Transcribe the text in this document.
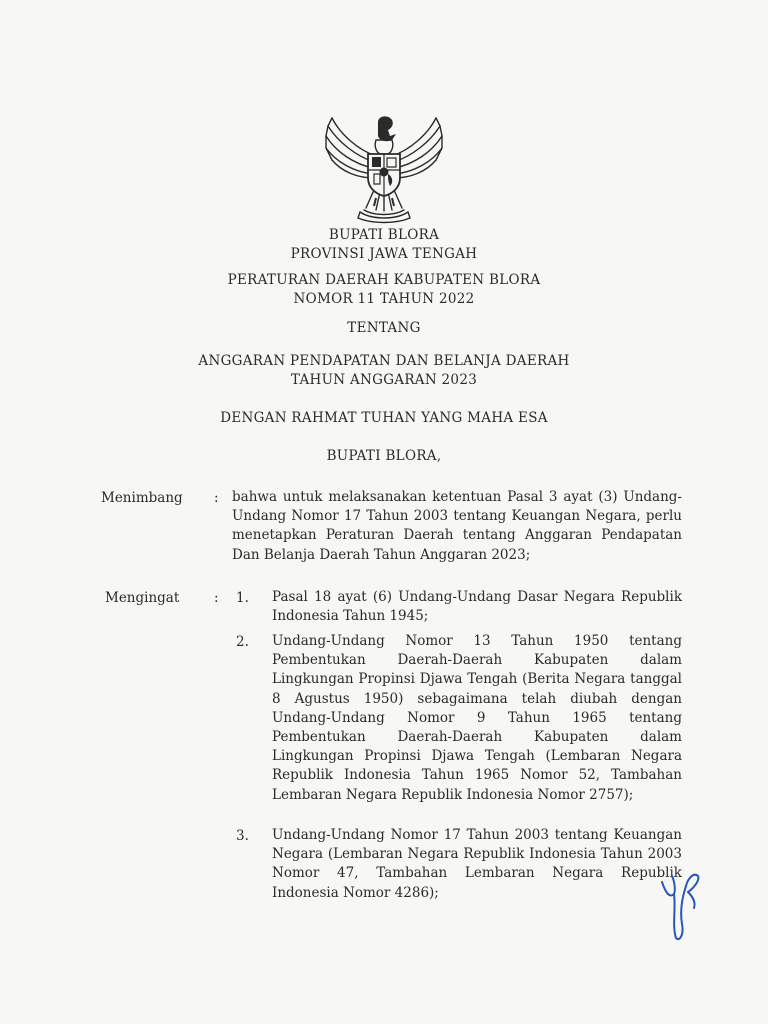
BUPATI BLORA
PROVINSI JAWA TENGAH
PERATURAN DAERAH KABUPATEN BLORA
NOMOR 11 TAHUN 2022
TENTANG
ANGGARAN PENDAPATAN DAN BELANJA DAERAH
TAHUN ANGGARAN 2023
DENGAN RAHMAT TUHAN YANG MAHA ESA
BUPATI BLORA,
Menimbang : bahwa untuk melaksanakan ketentuan Pasal 3 ayat (3) Undang-Undang Nomor 17 Tahun 2003 tentang Keuangan Negara, perlu menetapkan Peraturan Daerah tentang Anggaran Pendapatan Dan Belanja Daerah Tahun Anggaran 2023;
Mengingat	: 1. Pasal 18 ayat (6) Undang-Undang Dasar Negara Republik Indonesia Tahun 1945;
2. Undang-Undang Nomor 13 Tahun 1950 tentang Pembentukan Daerah-Daerah Kabupaten dalam Lingkungan Propinsi Djawa Tengah (Berita Negara tanggal 8 Agustus 1950) sebagaimana telah diubah dengan Undang-Undang Nomor 9 Tahun 1965 tentang Pembentukan Daerah-Daerah Kabupaten dalam Lingkungan Propinsi Djawa Tengah (Lembaran Negara Republik Indonesia Tahun 1965 Nomor 52, Tambahan Lembaran Negara Republik Indonesia Nomor 2757);
3. Undang-Undang Nomor 17 Tahun 2003 tentang Keuangan Negara (Lembaran Negara Republik Indonesia Tahun 2003 Nomor 47, Tambahan Lembaran Negara Republik Indonesia Nomor 4286);
